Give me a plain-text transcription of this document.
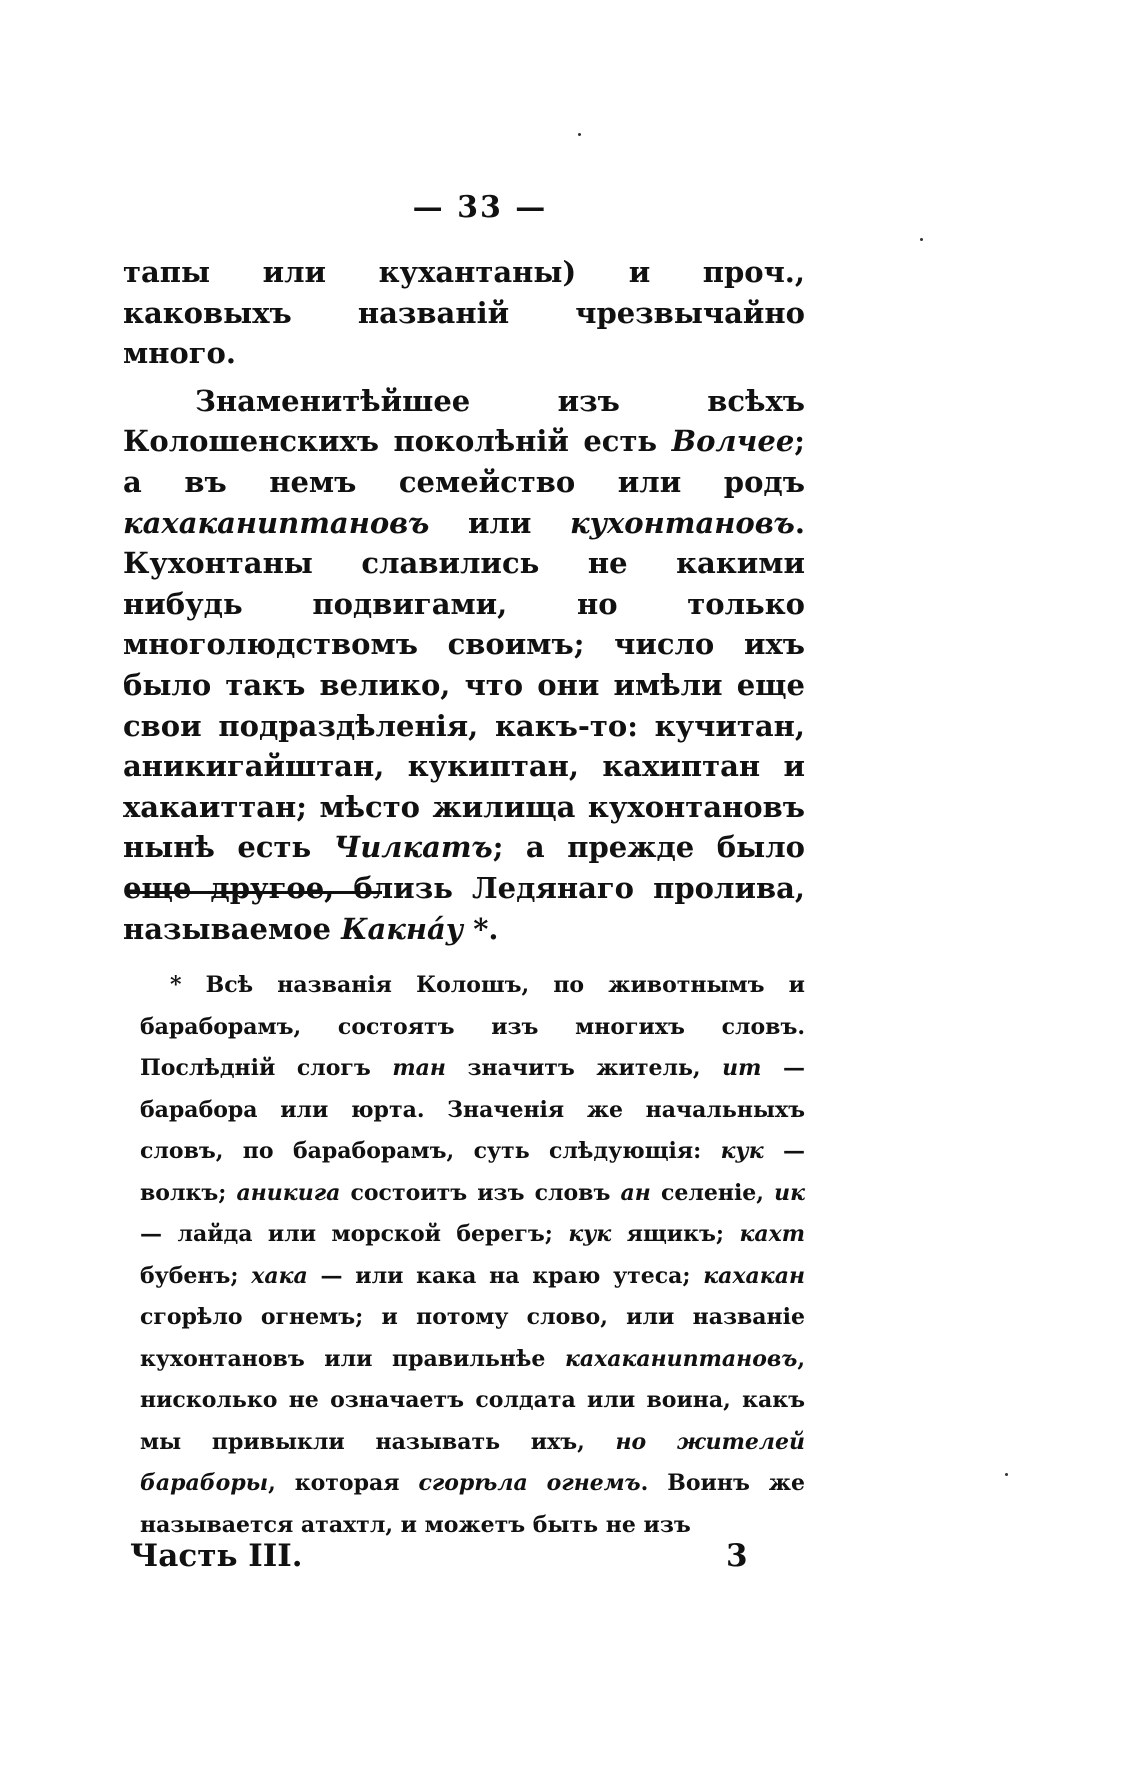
— 33 —

тапы или кухантаны) и проч., каковыхъ названій чрезвычайно много.

Знаменитѣйшее изъ всѣхъ Колошенскихъ поколѣній есть Волчее; а въ немъ семейство или родъ кахаканиптановъ или кухонтановъ. Кухонтаны славились не какими нибудь подвигами, но только многолюдствомъ своимъ; число ихъ было такъ велико, что они имѣли еще свои подраздѣленія, какъ-то: кучитан, аникигайштан, кукиптан, кахиптан и хакаиттан; мѣсто жилища кухонтановъ нынѣ есть Чилкатъ; а прежде было еще другое, близь Ледянаго пролива, называемое Какнáу *.

* Всѣ названія Колошъ, по животнымъ и барaборамъ, состоятъ изъ многихъ словъ. Послѣдній слогъ тан значитъ житель, ит — барабора или юрта. Значенія же начальныхъ словъ, по барaборамъ, суть слѣдующія: кук — волкъ; аникига состоитъ изъ словъ ан селеніе, ик — лайда или морской берегъ; кук ящикъ; кахт бубенъ; хака — или кака на краю утеса; кахакан сгорѣло огнемъ; и потому слово, или названіе кухонтановъ или правильнѣе кахаканиптановъ, нисколько не означаетъ солдата или воина, какъ мы привыкли называть ихъ, но жителей бараборы, которая сгорѣла огнемъ. Воинъ же называется атахтл, и можетъ быть не изъ

Часть III.	3
